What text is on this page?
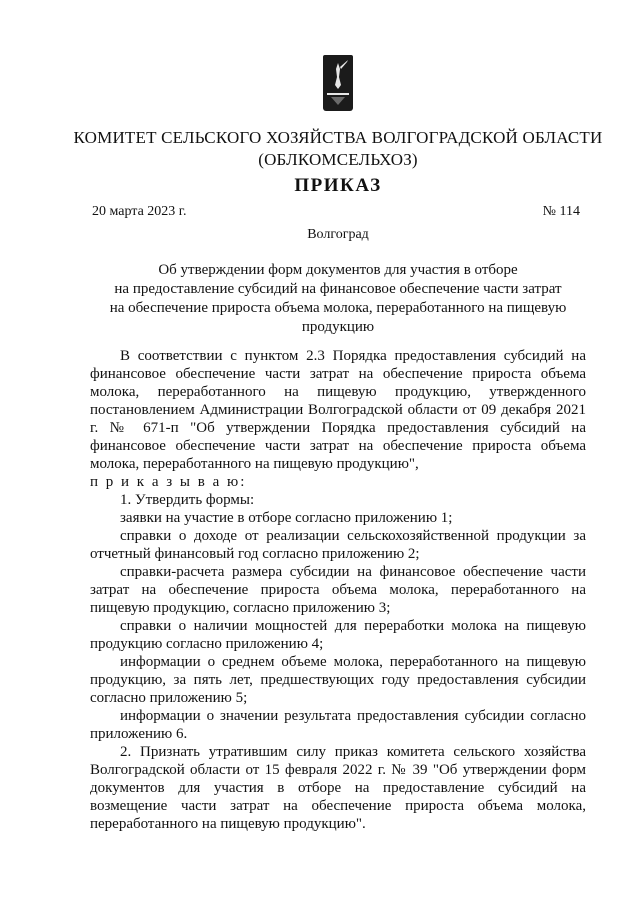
КОМИТЕТ СЕЛЬСКОГО ХОЗЯЙСТВА ВОЛГОГРАДСКОЙ ОБЛАСТИ
(ОБЛКОМСЕЛЬХОЗ)
ПРИКАЗ
20 марта 2023 г.	№ 114
Волгоград
Об утверждении форм документов для участия в отборе
на предоставление субсидий на финансовое обеспечение части затрат
на обеспечение прироста объема молока, переработанного на пищевую
продукцию

В соответствии с пунктом 2.3 Порядка предоставления субсидий на финансовое обеспечение части затрат на обеспечение прироста объема молока, переработанного на пищевую продукцию, утвержденного постановлением Администрации Волгоградской области от 09 декабря 2021 г. № 671-п "Об утверждении Порядка предоставления субсидий на финансовое обеспечение части затрат на обеспечение прироста объема молока, переработанного на пищевую продукцию",

п р и к а з ы в а ю:

1. Утвердить формы:

заявки на участие в отборе согласно приложению 1;

справки о доходе от реализации сельскохозяйственной продукции за отчетный финансовый год согласно приложению 2;

справки-расчета размера субсидии на финансовое обеспечение части затрат на обеспечение прироста объема молока, переработанного на пищевую продукцию, согласно приложению 3;

справки о наличии мощностей для переработки молока на пищевую продукцию согласно приложению 4;

информации о среднем объеме молока, переработанного на пищевую продукцию, за пять лет, предшествующих году предоставления субсидии согласно приложению 5;

информации о значении результата предоставления субсидии согласно приложению 6.

2. Признать утратившим силу приказ комитета сельского хозяйства Волгоградской области от 15 февраля 2022 г. № 39 "Об утверждении форм документов для участия в отборе на предоставление субсидий на возмещение части затрат на обеспечение прироста объема молока, переработанного на пищевую продукцию".
